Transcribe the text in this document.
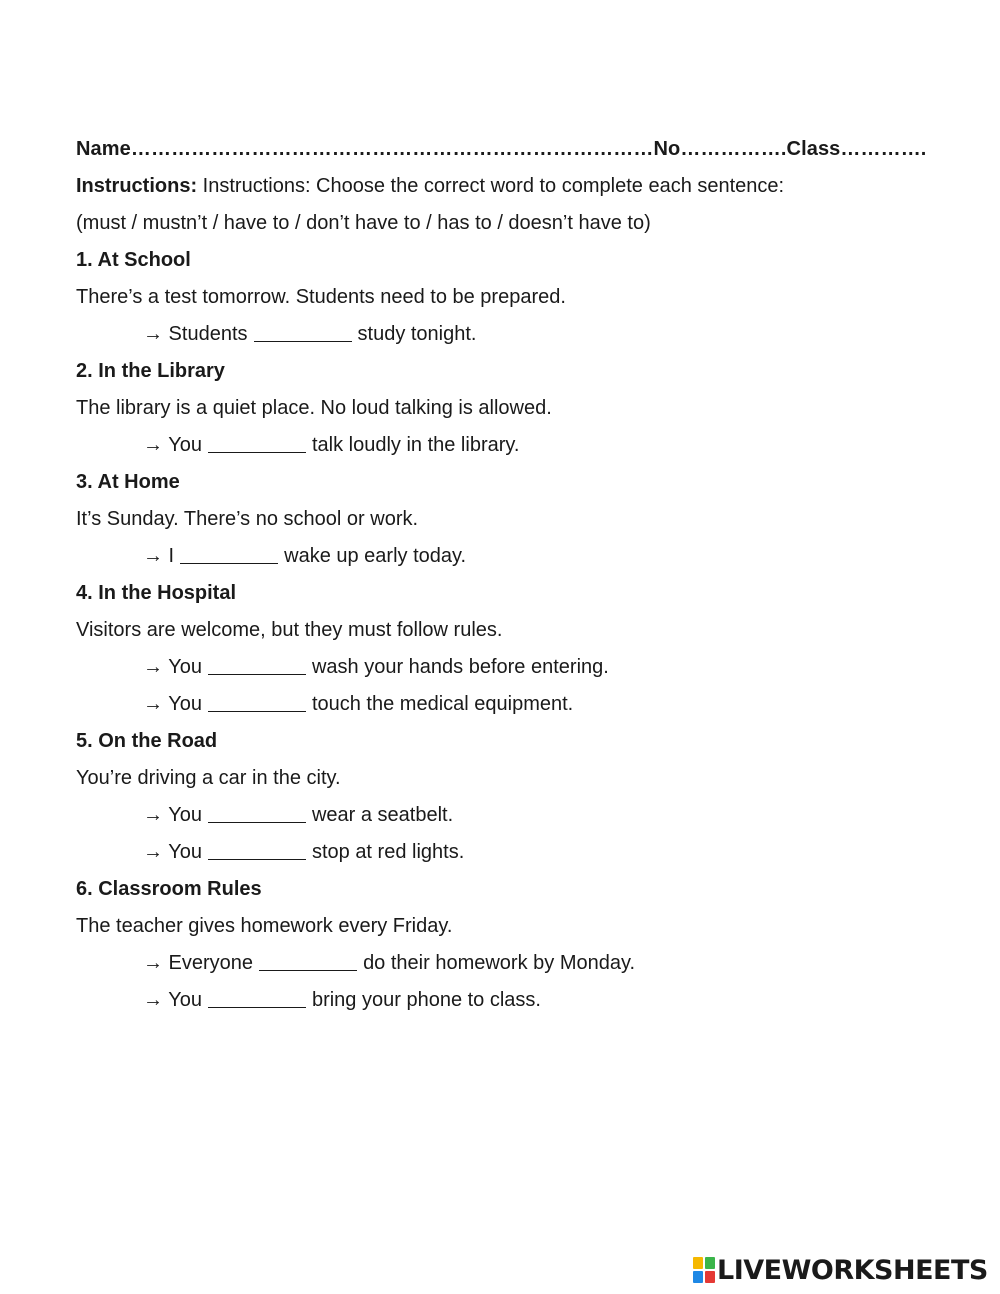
Name……………………………………………………………………No…………….Class………….
Instructions: Instructions: Choose the correct word to complete each sentence:
(must / mustn’t / have to / don’t have to / has to / doesn’t have to)
1. At School
There’s a test tomorrow. Students need to be prepared.
→ Students	study tonight.
2. In the Library
The library is a quiet place. No loud talking is allowed.
→ You	talk loudly in the library.
3. At Home
It’s Sunday. There’s no school or work.
→ I	wake up early today.
4. In the Hospital
Visitors are welcome, but they must follow rules.
→ You	wash your hands before entering.
→ You	touch the medical equipment.
5. On the Road
You’re driving a car in the city.
→ You	wear a seatbelt.
→ You	stop at red lights.
6. Classroom Rules
The teacher gives homework every Friday.
→ Everyone	do their homework by Monday.
→ You	bring your phone to class.
LIVEWORKSHEETS
